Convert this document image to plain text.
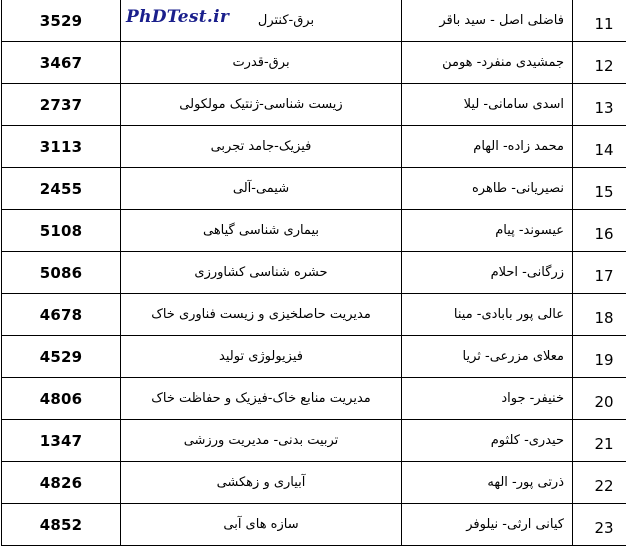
3529	PhDTest.ir برق-کنترل	فاضلی اصل - سید باقر	11
3467	برق-قدرت	جمشیدی منفرد- هومن	12
2737	زیست شناسی-ژنتیک مولکولی	اسدی سامانی- لیلا	13
3113	فیزیک-جامد تجربی	محمد زاده- الهام	14
2455	شیمی-آلی	نصیریانی- طاهره	15
5108	بیماری شناسی گیاهی	عیسوند- پیام	16
5086	حشره شناسی کشاورزی	زرگانی- احلام	17
4678	مدیریت حاصلخیزی و زیست فناوری خاک	عالی پور بابادی- مینا	18
4529	فیزیولوژی تولید	معلای مزرعی- ثریا	19
4806	مدیریت منابع خاک-فیزیک و حفاظت خاک	خنیفر- جواد	20
1347	تربیت بدنی- مدیریت ورزشی	حیدری- کلثوم	21
4826	آبیاری و زهکشی	ذرتی پور- الهه	22
4852	سازه های آبی	کیانی ارثی- نیلوفر	23
